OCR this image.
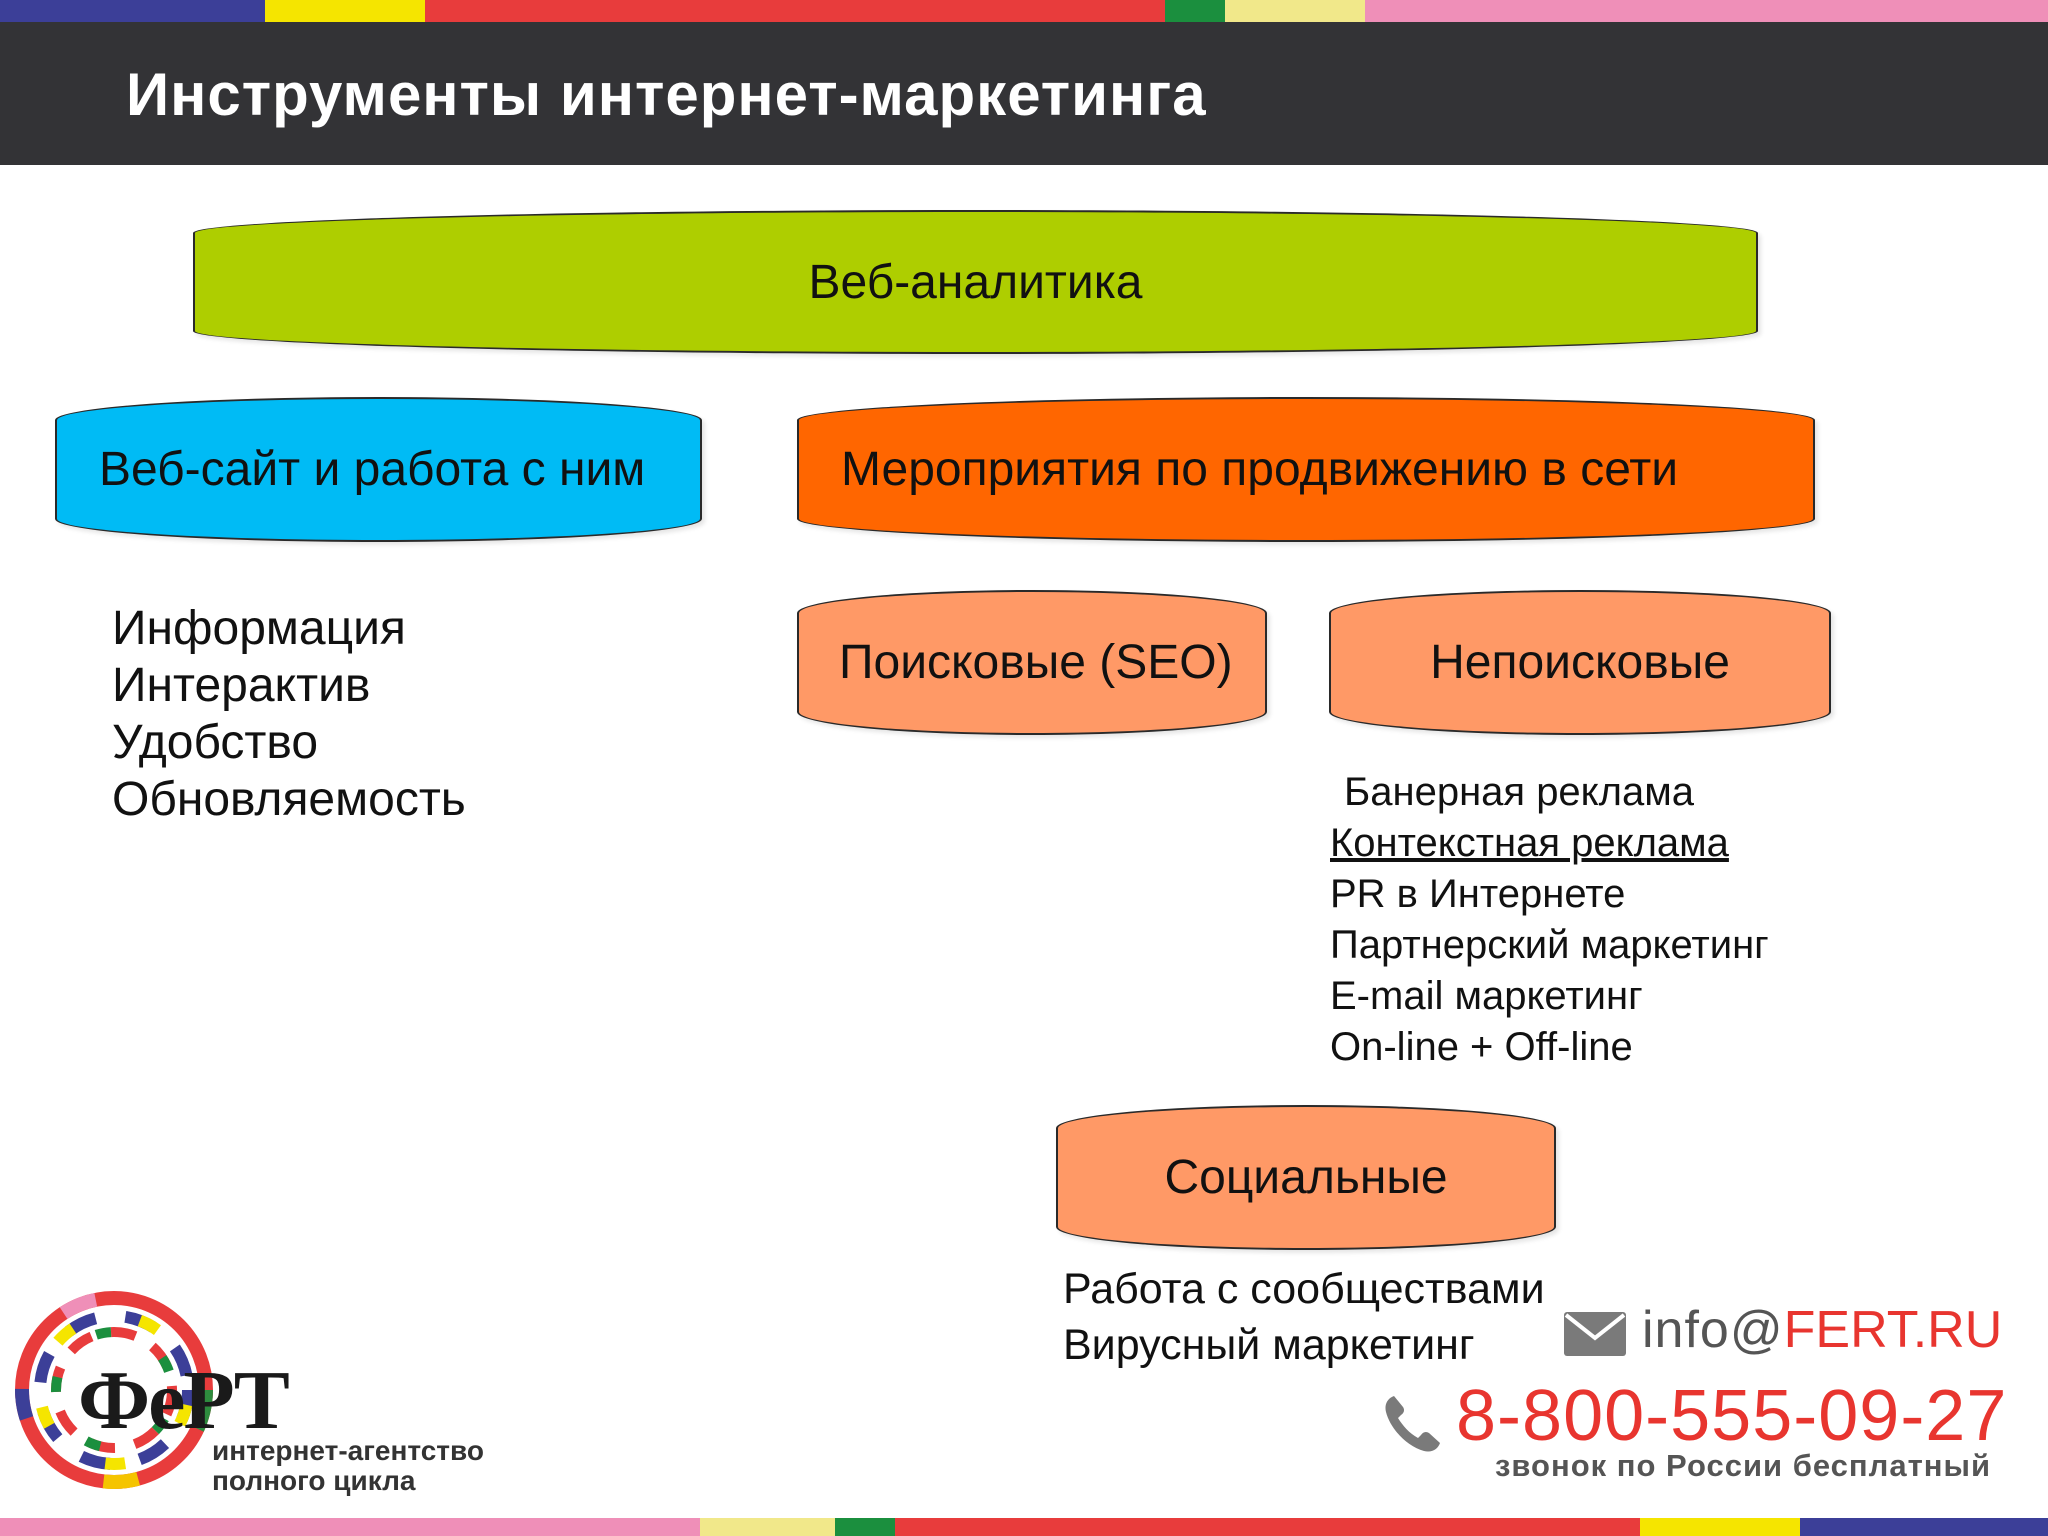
Инструменты интернет-маркетинга
Веб-аналитика
Веб-сайт и работа с ним	Мероприятия по продвижению в сети
Поисковые (SEO)	Непоисковые
Социальные
Информация
Интерактив
Удобство
Обновляемость	Банерная реклама
Контекстная реклама
PR в Интернете
Партнерский маркетинг
E-mail маркетинг
On-line + Off-line
Работа с сообществами
Вирусный маркетинг	info@FERT.RU
8-800-555-09-27
звонок по России бесплатный
ФеРТ
интернет-агентство
полного цикла
